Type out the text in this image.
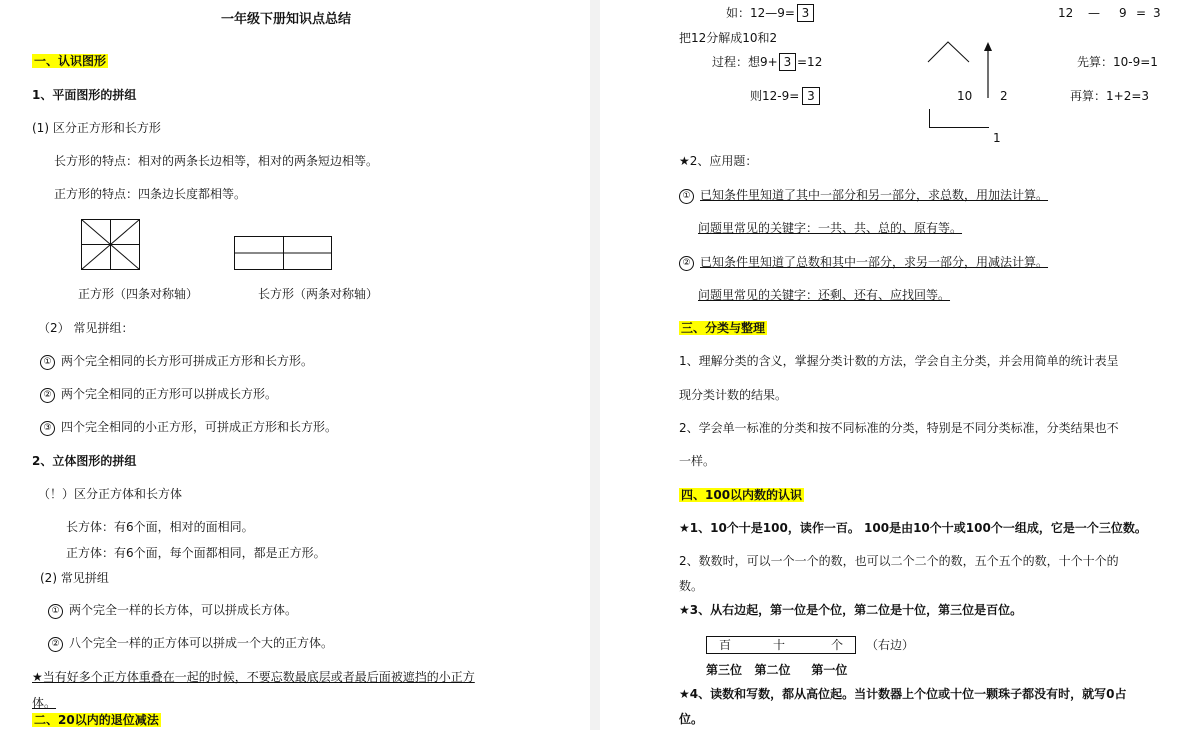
一年级下册知识点总结
一、认识图形
1、平面图形的拼组
(1) 区分正方形和长方形
长方形的特点：相对的两条长边相等，相对的两条短边相等。
正方形的特点：四条边长度都相等。
正方形（四条对称轴）	长方形（两条对称轴）
（2） 常见拼组：
① 两个完全相同的长方形可拼成正方形和长方形。
② 两个完全相同的正方形可以拼成长方形。
③ 四个完全相同的小正方形，可拼成正方形和长方形。
2、立体图形的拼组
（！）区分正方体和长方体
长方体：有6个面，相对的面相同。
正方体：有6个面，每个面都相同，都是正方形。
(2) 常见拼组
① 两个完全一样的长方体，可以拼成长方体。
② 八个完全一样的正方体可以拼成一个大的正方体。
★当有好多个正方体重叠在一起的时候，不要忘数最底层或者最后面被遮挡的小正方
体。
二、20以内的退位减法
如：12—9= 3	12 — 9 = 3
把12分解成10和2
过程：想9+ 3 =12	先算：10-9=1
则12-9= 3	10 2	再算：1+2=3
1
★2、应用题：
① 已知条件里知道了其中一部分和另一部分，求总数，用加法计算。
问题里常见的关键字：一共、共、总的、原有等。
② 已知条件里知道了总数和其中一部分，求另一部分，用减法计算。
问题里常见的关键字：还剩、还有、应找回等。
三、分类与整理
1、理解分类的含义，掌握分类计数的方法，学会自主分类，并会用简单的统计表呈
现分类计数的结果。
2、学会单一标准的分类和按不同标准的分类，特别是不同分类标准，分类结果也不
一样。
四、100以内数的认识
★1、10个十是100，读作一百。 100是由10个十或100个一组成，它是一个三位数。
2、数数时，可以一个一个的数，也可以二个二个的数，五个五个的数，十个十个的
数。
★3、从右边起，第一位是个位，第二位是十位，第三位是百位。
百	十	个 （右边）
第三位   第二位     第一位
★4、读数和写数，都从高位起。当计数器上个位或十位一颗珠子都没有时，就写0占
位。
